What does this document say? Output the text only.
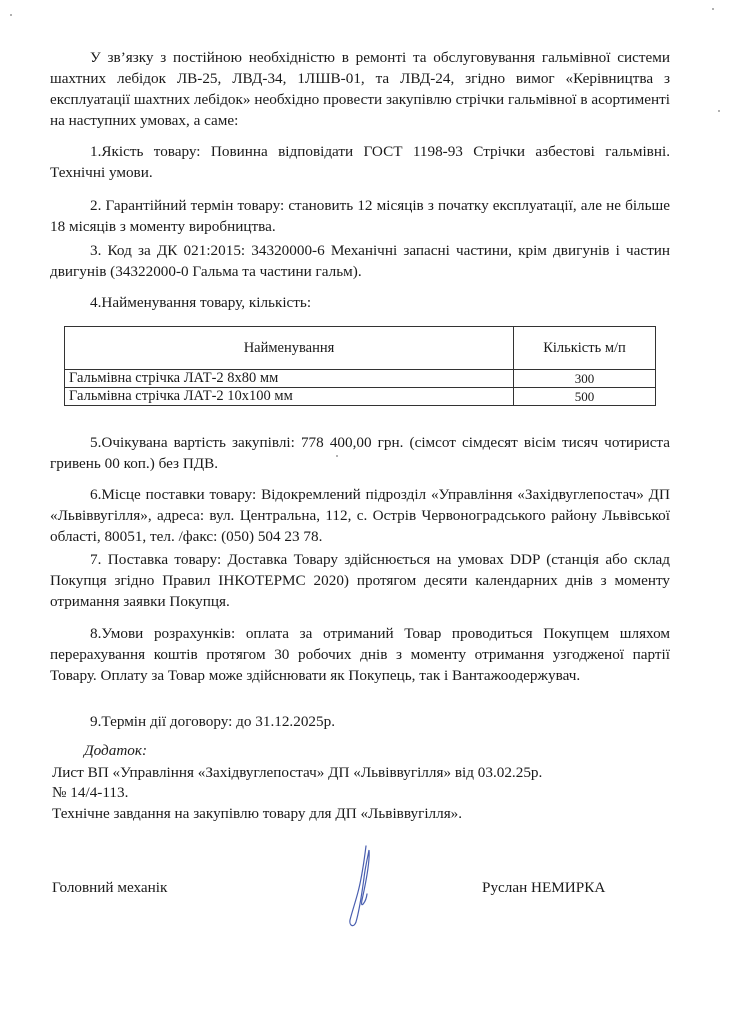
У зв’язку з постійною необхідністю в ремонті та обслуговування гальмівної системи шахтних лебідок ЛВ-25, ЛВД-34, 1ЛШВ-01, та ЛВД-24, згідно вимог «Керівництва з експлуатації шахтних лебідок» необхідно провести закупівлю стрічки гальмівної в асортименті на наступних умовах, а саме:
1.Якість товару: Повинна відповідати ГОСТ 1198-93 Стрічки азбестові гальмівні. Технічні умови.
2. Гарантійний термін товару: становить 12 місяців з початку експлуатації, але не більше 18 місяців з моменту виробництва.
3. Код за ДК 021:2015: 34320000-6 Механічні запасні частини, крім двигунів і частин двигунів (34322000-0 Гальма та частини гальм).
4.Найменування товару, кількість:
Найменування	Кількість м/п
Гальмівна стрічка ЛАТ-2 8х80 мм	300
Гальмівна стрічка ЛАТ-2 10х100 мм	500
5.Очікувана вартість закупівлі: 778 400,00 грн. (сімсот сімдесят вісім тисяч чотириста гривень 00 коп.) без ПДВ.
6.Місце поставки товару: Відокремлений підрозділ «Управління «Західвуглепостач» ДП «Львіввугілля», адреса: вул. Центральна, 112, с. Острів Червоноградського району Львівської області, 80051, тел. /факс: (050) 504 23 78.
7. Поставка товару: Доставка Товару здійснюється на умовах DDP (станція або склад Покупця згідно Правил ІНКОТЕРМС 2020) протягом десяти календарних днів з моменту отримання заявки Покупця.
8.Умови розрахунків: оплата за отриманий Товар проводиться Покупцем шляхом перерахування коштів протягом 30 робочих днів з моменту отримання узгодженої партії Товару. Оплату за Товар може здійснювати як Покупець, так і Вантажоодержувач.
9.Термін дії договору: до 31.12.2025р.
Додаток:
Лист ВП «Управління «Західвуглепостач» ДП «Львіввугілля» від 03.02.25р.
№ 14/4-113.
Технічне завдання на закупівлю товару для ДП «Львіввугілля».
Головний механік	Руслан НЕМИРКА
